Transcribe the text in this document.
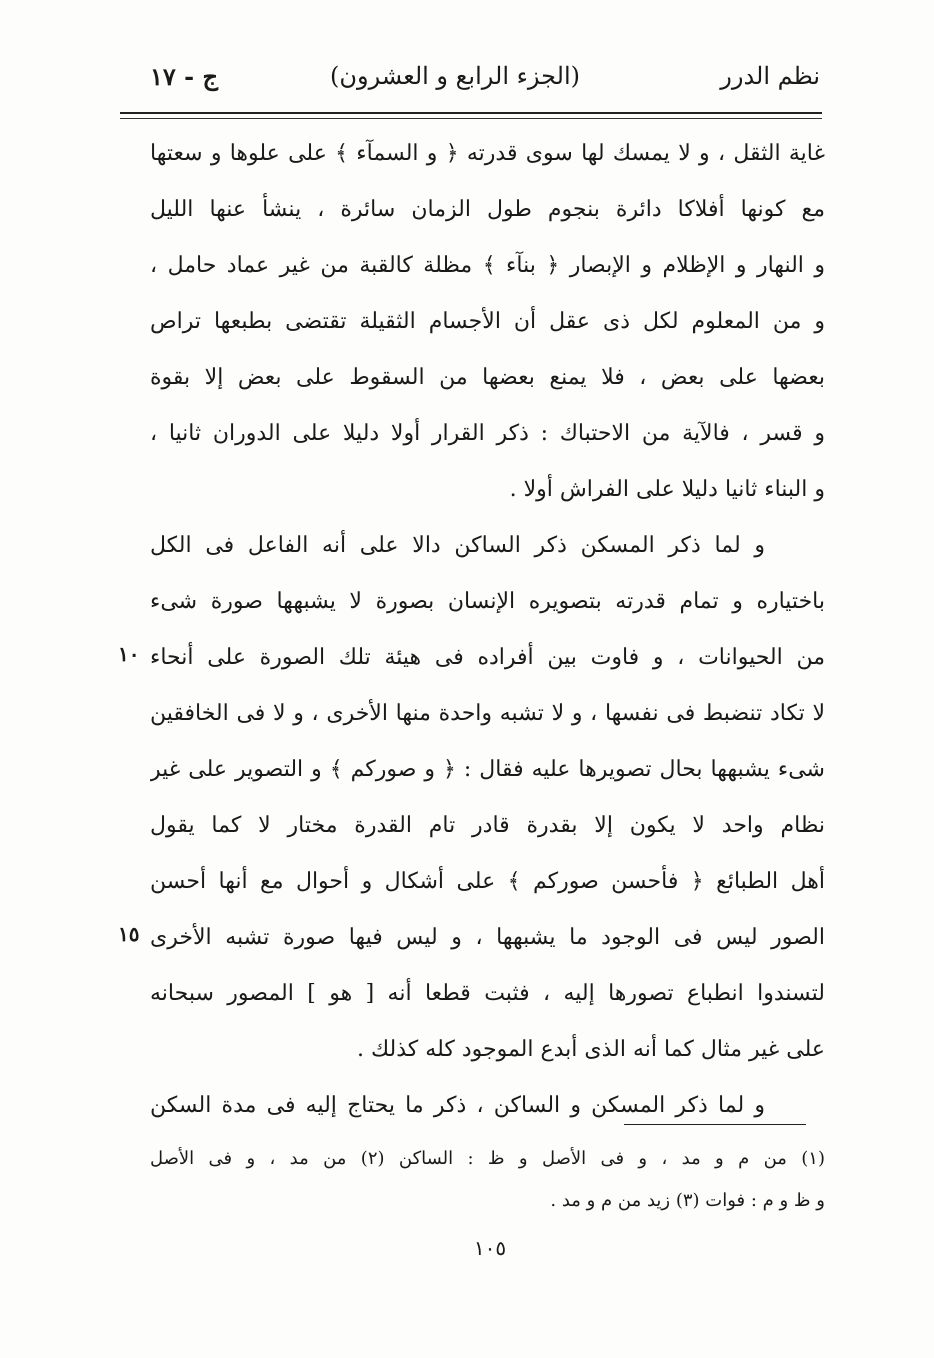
نظم الدرر
(الجزء الرابع و العشرون)
ج - ١٧
غاية الثقل ، و لا يمسك لها سوى قدرته ﴿ و السمآء ﴾ على علوها و سعتها
مع كونها أفلاكا دائرة بنجوم طول الزمان سائرة ، ينشأ عنها الليل
و النهار و الإظلام و الإبصار ﴿ بنآء ﴾ مظلة كالقبة من غير عماد حامل ،
و من المعلوم لكل ذى عقل أن الأجسام الثقيلة تقتضى بطبعها تراص
بعضها على بعض ، فلا يمنع بعضها من السقوط على بعض إلا بقوة
و قسر ، فالآية من الاحتباك : ذكر القرار أولا دليلا على الدوران ثانيا ،
و البناء ثانيا دليلا على الفراش أولا .
و لما ذكر المسكن ذكر الساكن دالا على أنه الفاعل فى الكل
باختياره و تمام قدرته بتصويره الإنسان بصورة لا يشبهها صورة شىء
من الحيوانات ، و فاوت بين أفراده فى هيئة تلك الصورة على أنحاء
لا تكاد تنضبط فى نفسها ، و لا تشبه واحدة منها الأخرى ، و لا فى الخافقين
شىء يشبهها بحال تصويرها عليه فقال : ﴿ و صوركم ﴾ و التصوير على غير
نظام واحد لا يكون إلا بقدرة قادر تام القدرة مختار لا كما يقول
أهل الطبائع ﴿ فأحسن صوركم ﴾ على أشكال و أحوال مع أنها أحسن
الصور ليس فى الوجود ما يشبهها ، و ليس فيها صورة تشبه الأخرى
لتسندوا انطباع تصورها إليه ، فثبت قطعا أنه [ هو ] المصور سبحانه
على غير مثال كما أنه الذى أبدع الموجود كله كذلك .
و لما ذكر المسكن و الساكن ، ذكر ما يحتاج إليه فى مدة السكن
١٠
١٥
(١) من م و مد ، و فى الأصل و ظ : الساكن (٢) من مد ، و فى الأصل
و ظ و م : فوات (٣) زيد من م و مد .
١٠٥
